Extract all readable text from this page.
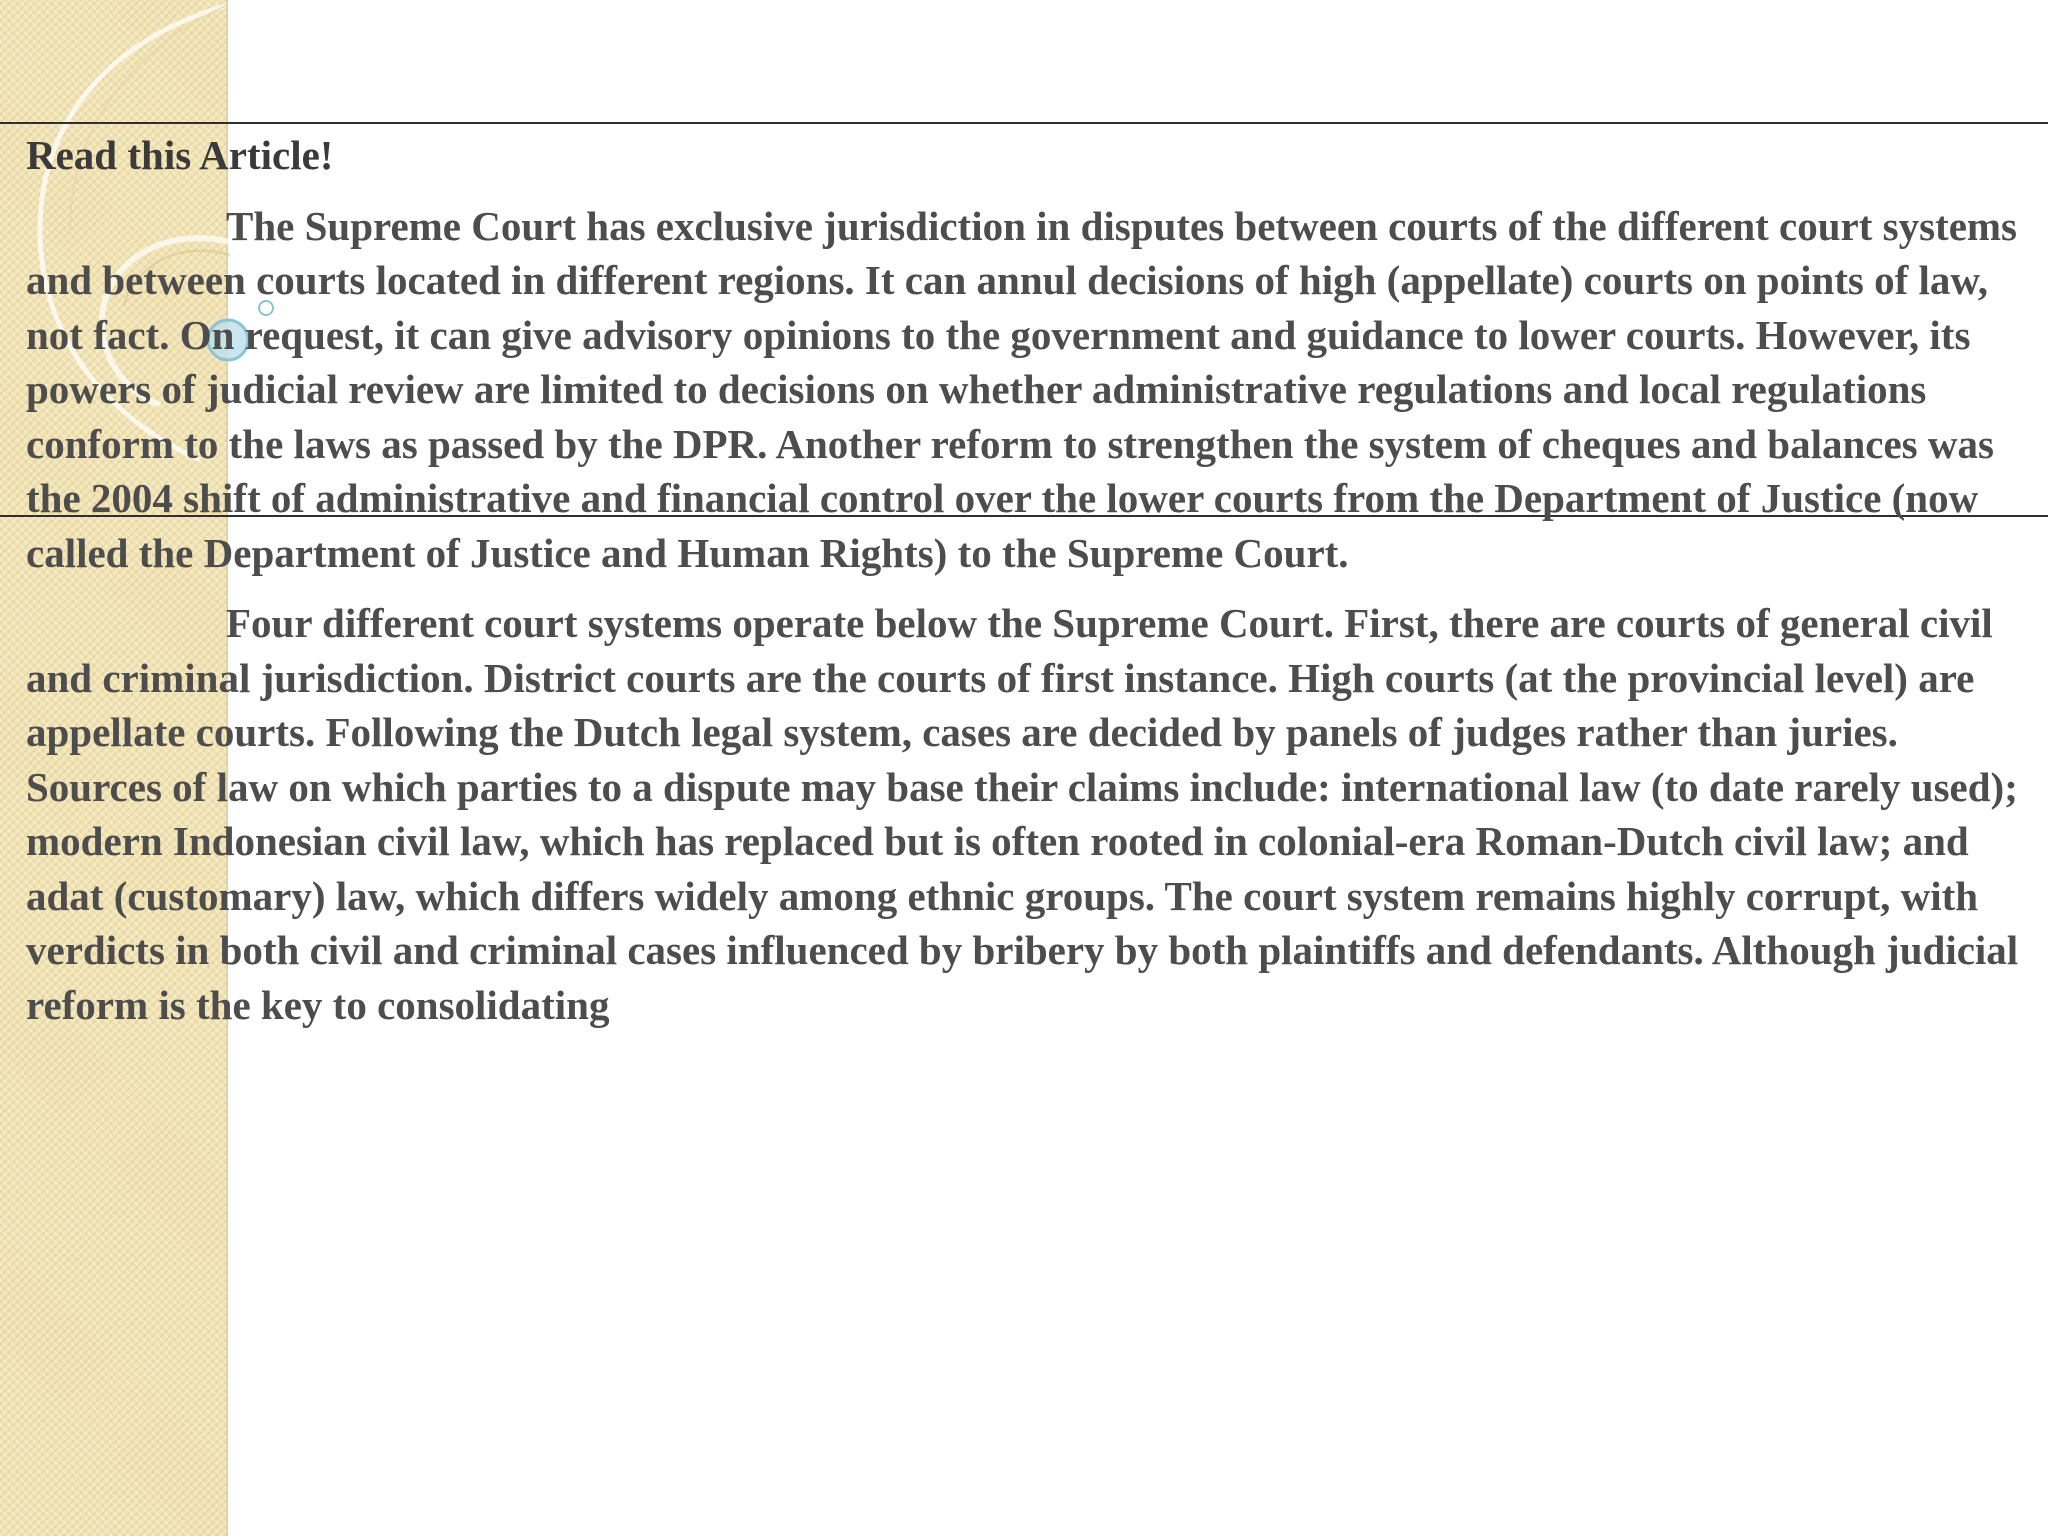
Read this Article!

The Supreme Court has exclusive jurisdiction in disputes between courts of the different court systems and between courts located in different regions. It can annul decisions of high (appellate) courts on points of law, not fact. On request, it can give advisory opinions to the government and guidance to lower courts. However, its powers of judicial review are limited to decisions on whether administrative regulations and local regulations conform to the laws as passed by the DPR. Another reform to strengthen the system of cheques and balances was the 2004 shift of administrative and financial control over the lower courts from the Department of Justice (now called the Department of Justice and Human Rights) to the Supreme Court.

Four different court systems operate below the Supreme Court. First, there are courts of general civil and criminal jurisdiction. District courts are the courts of first instance. High courts (at the provincial level) are appellate courts. Following the Dutch legal system, cases are decided by panels of judges rather than juries. Sources of law on which parties to a dispute may base their claims include: international law (to date rarely used); modern Indonesian civil law, which has replaced but is often rooted in colonial-era Roman-Dutch civil law; and adat (customary) law, which differs widely among ethnic groups. The court system remains highly corrupt, with verdicts in both civil and criminal cases influenced by bribery by both plaintiffs and defendants. Although judicial reform is the key to consolidating
